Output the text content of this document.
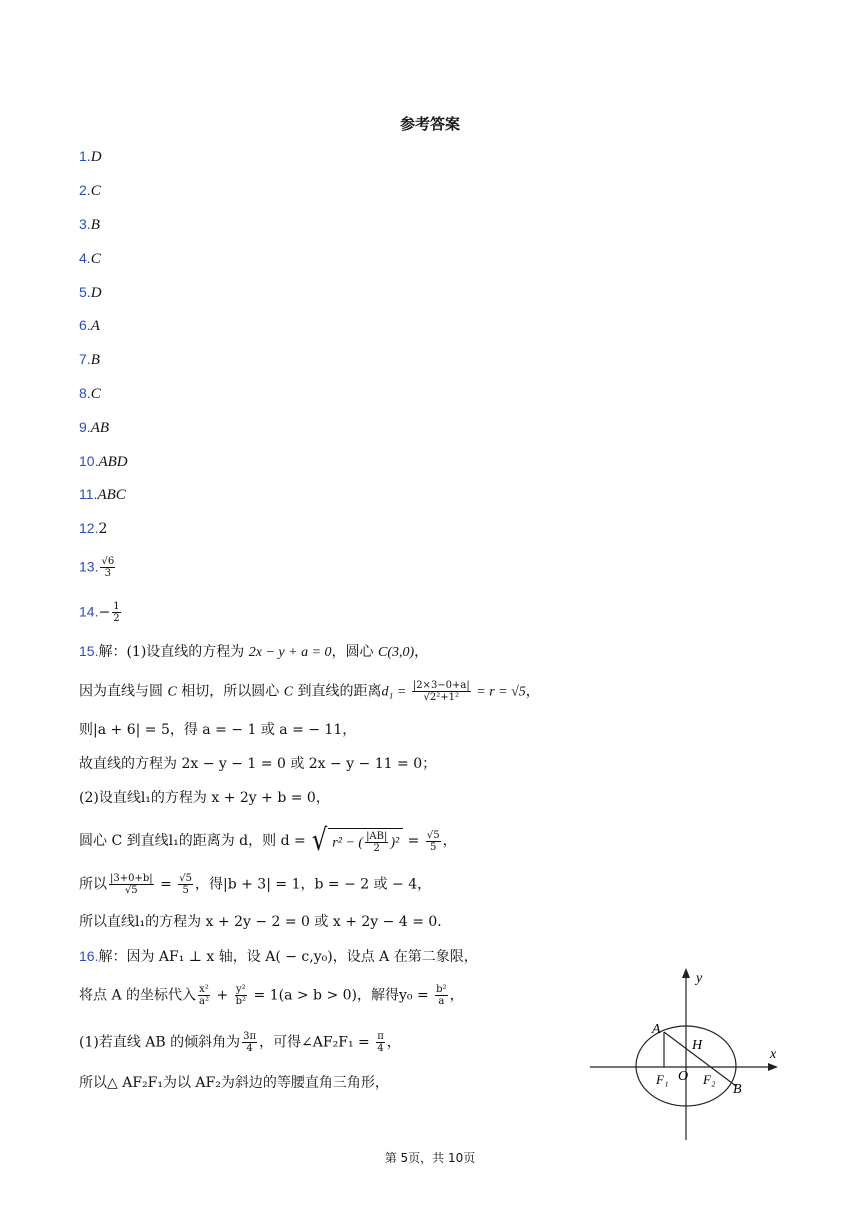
参考答案
1.D
2.C
3.B
4.C
5.D
6.A
7.B
8.C
9.AB
10.ABD
11.ABC
12.2
13. $\frac{√6}{3}$
$14.- \frac{1}{2}$
15.解：(1)设直线的方程为 2x − y + a = 0，圆心 C(3,0)，
因为直线与圆 C 相切，所以圆心 C 到直线的距离$d_1 = \frac{|2\times 3-0+a|}{\text{√2²+1²}} = r = √5$，
则|a + 6| = 5，得 a = − 1 或 a = − 11，
故直线的方程为 2x − y − 1 = 0 或 2x − y − 11 = 0；
(2)设直线l₁的方程为 x + 2y + b = 0，
圆心 C 到直线l₁的距离为 d，则 d = √ r² − ( $\frac{|AB|}{2} )^2 = \frac{√5}{5}$ ，
所以 $\frac{|3+0+b|}{√5} = \frac{√5}{5}$ ，得|b + 3| = 1，b = − 2 或 − 4，
所以直线l₁的方程为 x + 2y − 2 = 0 或 x + 2y − 4 = 0．
16.解：因为 AF₁ ⊥ x 轴，设 A( − c,y₀)，设点 A 在第二象限，
将点 A 的坐标代入 $\frac{\text{x²}}{\text{a²}} + \frac{\text{y²}}{\text{b²}} = 1(a > b > 0)$，解得$y_0 = \frac{\text{b²}}{a}$ ，
(1)若直线 AB 的倾斜角为 $\frac{3\pi}{4}$ ，可得∠AF₂F₁ = $\frac{\pi}{4}$ ，
所以△ AF₂F₁为以 AF₂为斜边的等腰直角三角形，
A
y
x
H
F₁ O F₂
B
第 5页，共 10页
